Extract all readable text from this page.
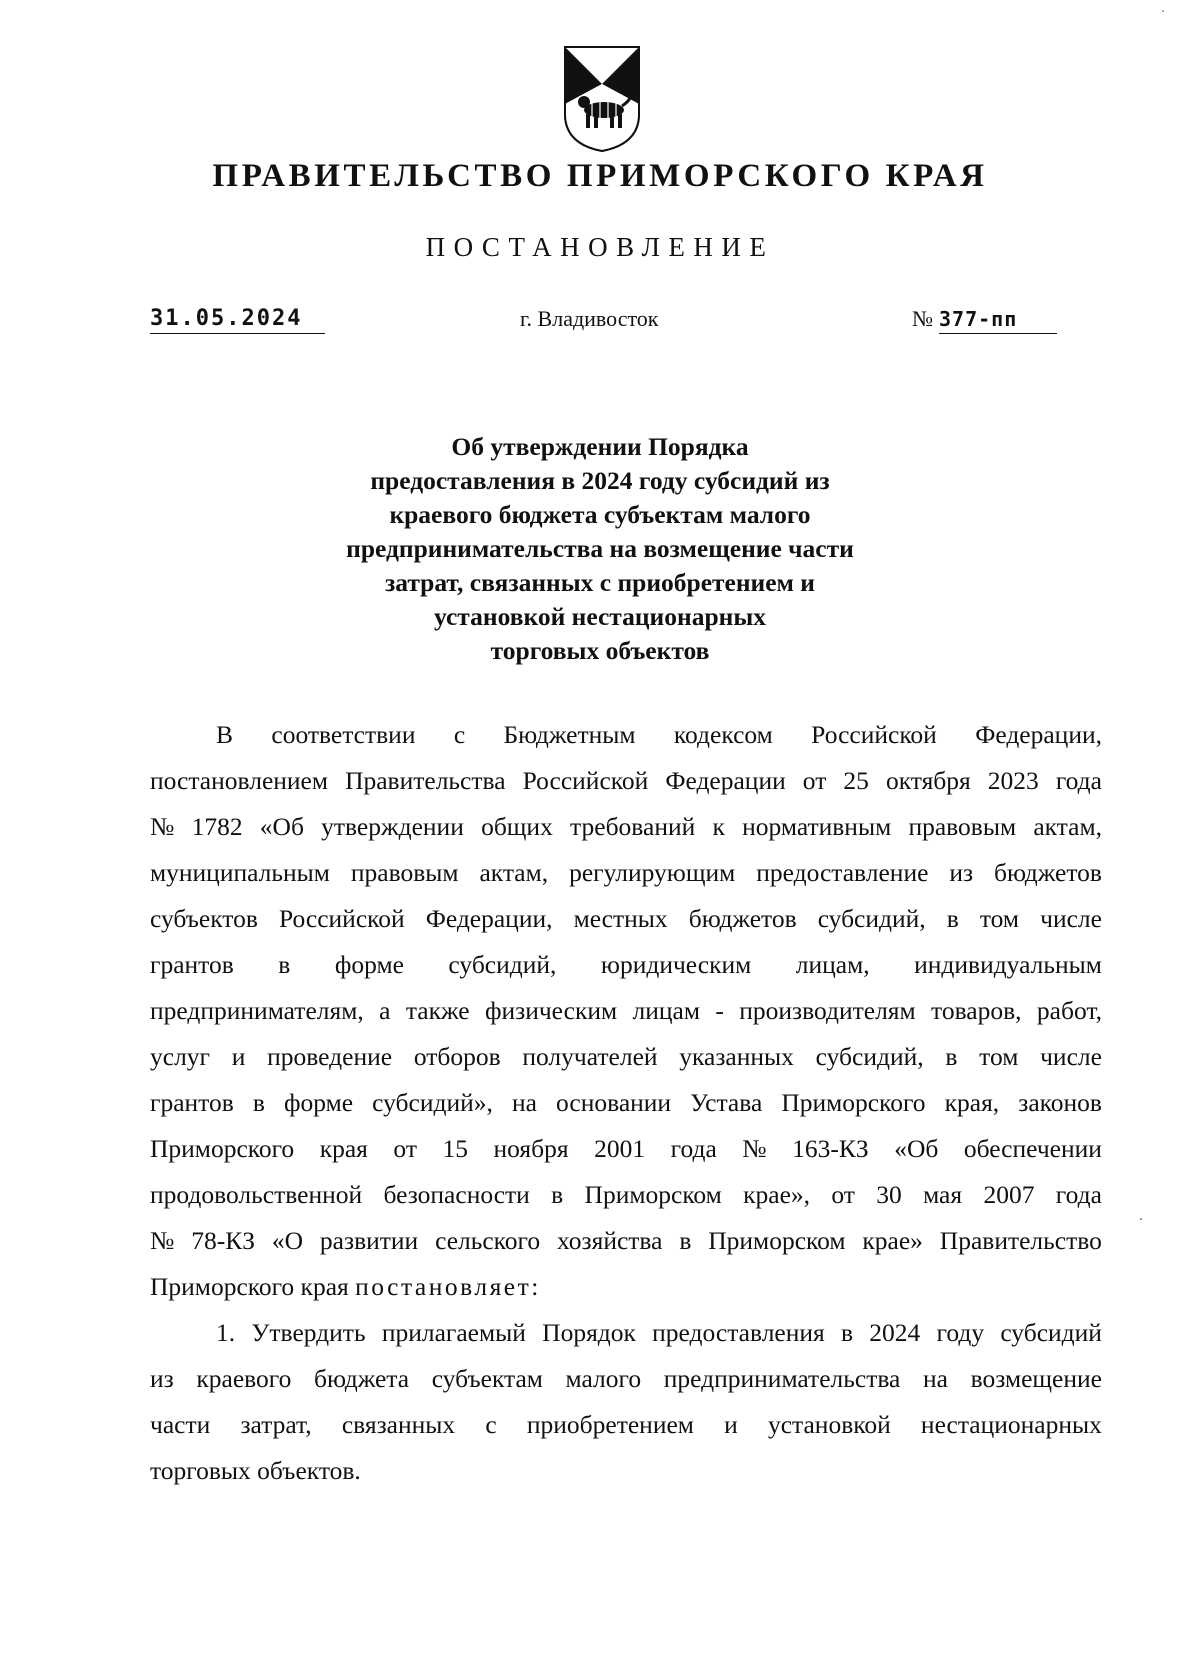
ПРАВИТЕЛЬСТВО ПРИМОРСКОГО КРАЯ
ПОСТАНОВЛЕНИЕ
31.05.2024	г. Владивосток	№ 377-пп
Об утверждении Порядка
предоставления в 2024 году субсидий из
краевого бюджета субъектам малого
предпринимательства на возмещение части
затрат, связанных с приобретением и
установкой нестационарных
торговых объектов
В соответствии с Бюджетным кодексом Российской Федерации,
постановлением Правительства Российской Федерации от 25 октября 2023 года
№ 1782 «Об утверждении общих требований к нормативным правовым актам,
муниципальным правовым актам, регулирующим предоставление из бюджетов
субъектов Российской Федерации, местных бюджетов субсидий, в том числе
грантов в форме субсидий, юридическим лицам, индивидуальным
предпринимателям, а также физическим лицам - производителям товаров, работ,
услуг и проведение отборов получателей указанных субсидий, в том числе
грантов в форме субсидий», на основании Устава Приморского края, законов
Приморского края от 15 ноября 2001 года № 163-КЗ «Об обеспечении
продовольственной безопасности в Приморском крае», от 30 мая 2007 года
№ 78-КЗ «О развитии сельского хозяйства в Приморском крае» Правительство
Приморского края
постановляет:
1. Утвердить прилагаемый Порядок предоставления в 2024 году субсидий
из краевого бюджета субъектам малого предпринимательства на возмещение
части затрат, связанных с приобретением и установкой нестационарных
торговых объектов.
